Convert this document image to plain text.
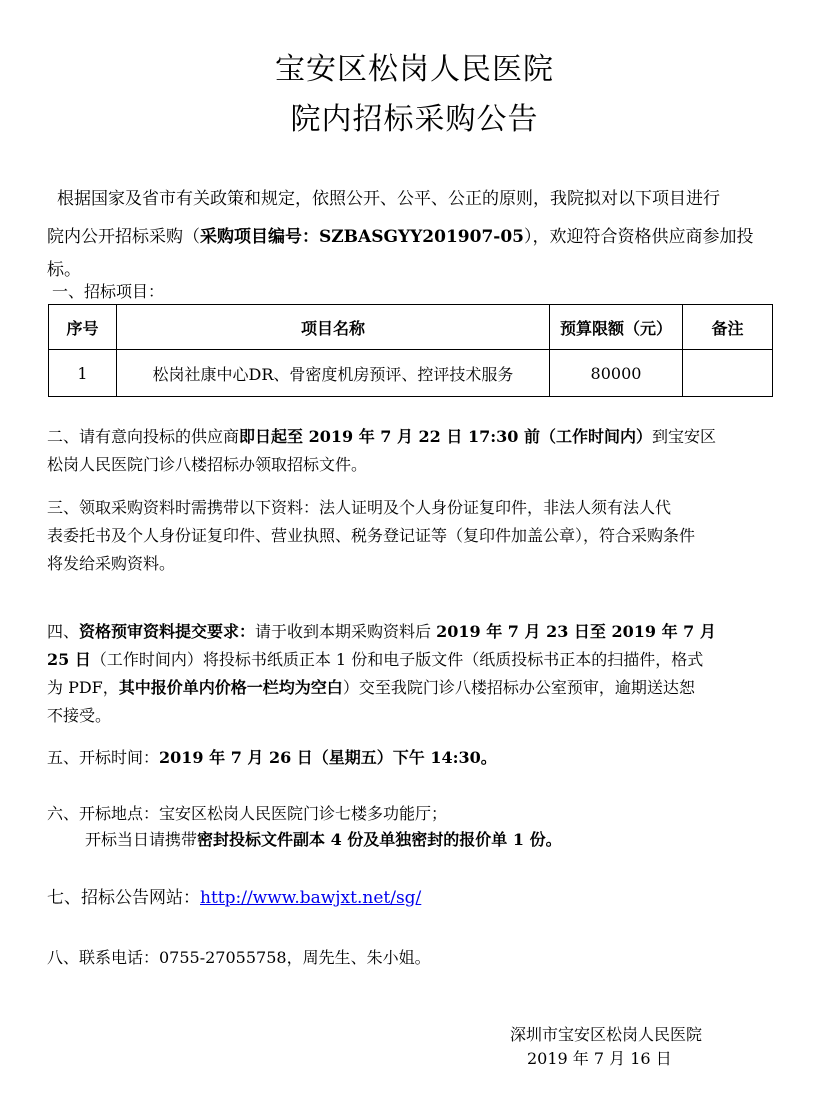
宝安区松岗人民医院
院内招标采购公告
根据国家及省市有关政策和规定，依照公开、公平、公正的原则，我院拟对以下项目进行
院内公开招标采购（采购项目编号：SZBASGYY201907-05），欢迎符合资格供应商参加投
标。
一、招标项目：
序号	项目名称	预算限额（元）	备注
1	松岗社康中心DR、骨密度机房预评、控评技术服务	80000	
二、请有意向投标的供应商即日起至 2019 年 7 月 22 日 17:30 前（工作时间内）到宝安区
松岗人民医院门诊八楼招标办领取招标文件。
三、领取采购资料时需携带以下资料：法人证明及个人身份证复印件，非法人须有法人代
表委托书及个人身份证复印件、营业执照、税务登记证等（复印件加盖公章），符合采购条件
将发给采购资料。
四、资格预审资料提交要求：请于收到本期采购资料后 2019 年 7 月 23 日至 2019 年 7 月
25 日（工作时间内）将投标书纸质正本 1 份和电子版文件（纸质投标书正本的扫描件，格式
为 PDF，其中报价单内价格一栏均为空白）交至我院门诊八楼招标办公室预审，逾期送达恕
不接受。
五、开标时间：2019 年 7 月 26 日（星期五）下午 14:30。
六、开标地点：宝安区松岗人民医院门诊七楼多功能厅；
开标当日请携带密封投标文件副本 4 份及单独密封的报价单 1 份。
七、招标公告网站：http://www.bawjxt.net/sg/
八、联系电话：0755-27055758，周先生、朱小姐。
深圳市宝安区松岗人民医院
2019 年 7 月 16 日
